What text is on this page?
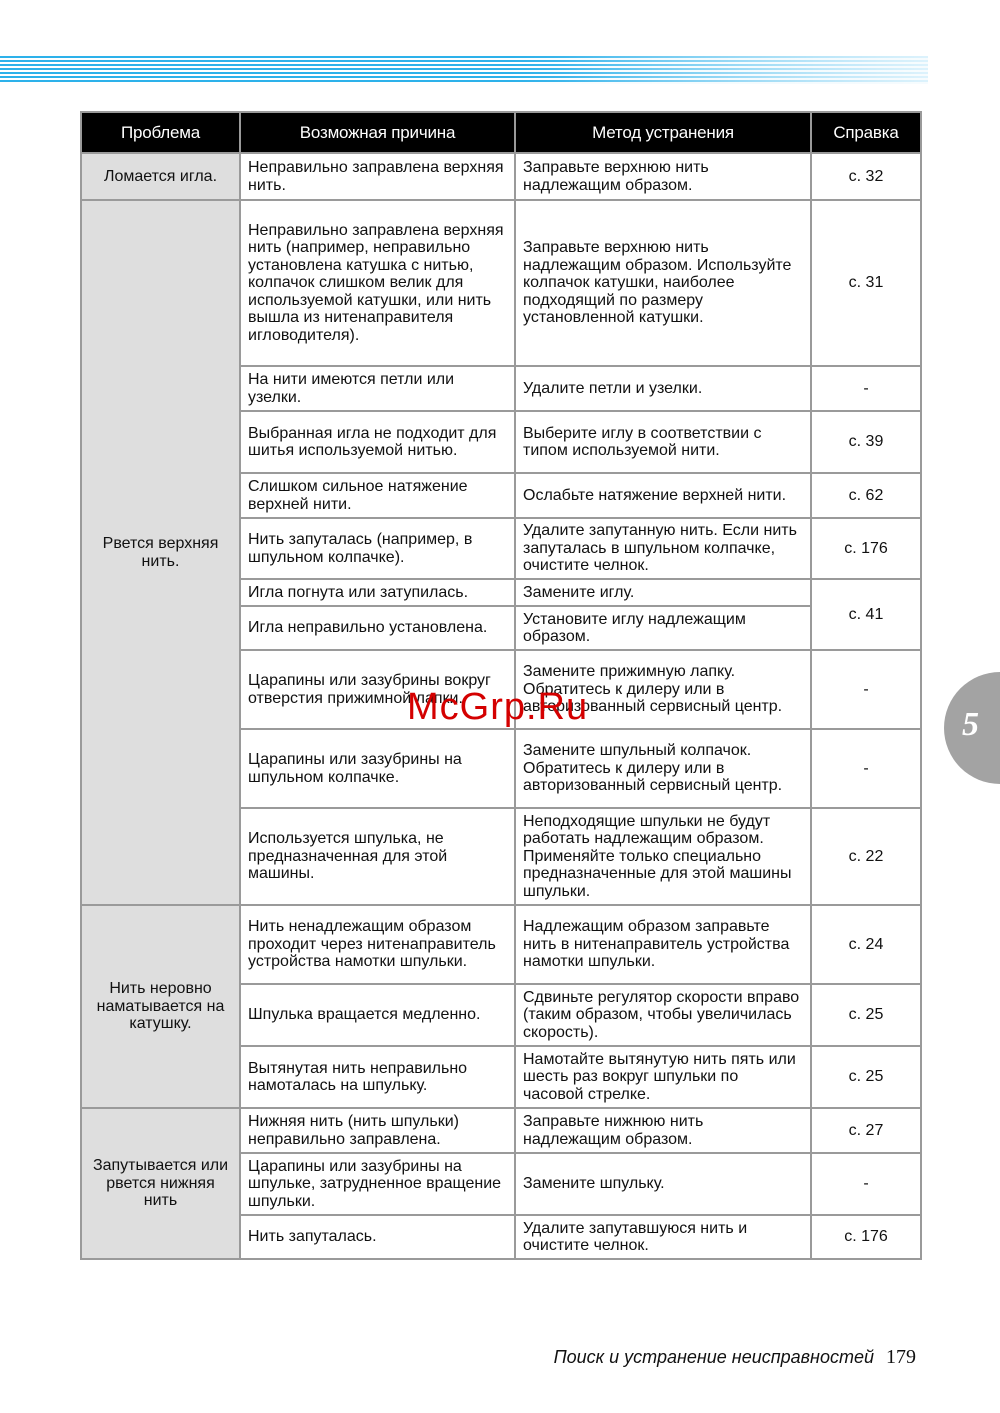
Проблема	Возможная причина	Метод устранения	Справка
Ломается игла.	Неправильно заправлена верхняя нить.	Заправьте верхнюю нить надлежащим образом.	с. 32
Рвется верхняя нить.	Неправильно заправлена верхняя нить (например, неправильно установлена катушка с нитью, колпачок слишком велик для используемой катушки, или нить вышла из нитенаправителя игловодителя).	Заправьте верхнюю нить надлежащим образом. Используйте колпачок катушки, наиболее подходящий по размеру установленной катушки.	с. 31
	На нити имеются петли или узелки.	Удалите петли и узелки.	-
	Выбранная игла не подходит для шитья используемой нитью.	Выберите иглу в соответствии с типом используемой нити.	с. 39
	Слишком сильное натяжение верхней нити.	Ослабьте натяжение верхней нити.	с. 62
	Нить запуталась (например, в шпульном колпачке).	Удалите запутанную нить. Если нить запуталась в шпульном колпачке, очистите челнок.	с. 176
	Игла погнута или затупилась.	Замените иглу.	с. 41
	Игла неправильно установлена.	Установите иглу надлежащим образом.	
	Царапины или зазубрины вокруг отверстия прижимной лапки.	Замените прижимную лапку. Обратитесь к дилеру или в авторизованный сервисный центр.	-
	Царапины или зазубрины на шпульном колпачке.	Замените шпульный колпачок. Обратитесь к дилеру или в авторизованный сервисный центр.	-
	Используется шпулька, не предназначенная для этой машины.	Неподходящие шпульки не будут работать надлежащим образом. Применяйте только специально предназначенные для этой машины шпульки.	с. 22
Нить неровно наматывается на катушку.	Нить ненадлежащим образом проходит через нитенаправитель устройства намотки шпульки.	Надлежащим образом заправьте нить в нитенаправитель устройства намотки шпульки.	с. 24
	Шпулька вращается медленно.	Сдвиньте регулятор скорости вправо (таким образом, чтобы увеличилась скорость).	с. 25
	Вытянутая нить неправильно намоталась на шпульку.	Намотайте вытянутую нить пять или шесть раз вокруг шпульки по часовой стрелке.	с. 25
Запутывается или рвется нижняя нить	Нижняя нить (нить шпульки) неправильно заправлена.	Заправьте нижнюю нить надлежащим образом.	с. 27
	Царапины или зазубрины на шпульке, затрудненное вращение шпульки.	Замените шпульку.	-
	Нить запуталась.	Удалите запутавшуюся нить и очистите челнок.	с. 176
5
McGrp.Ru
Поиск и устранение неисправностей 179
